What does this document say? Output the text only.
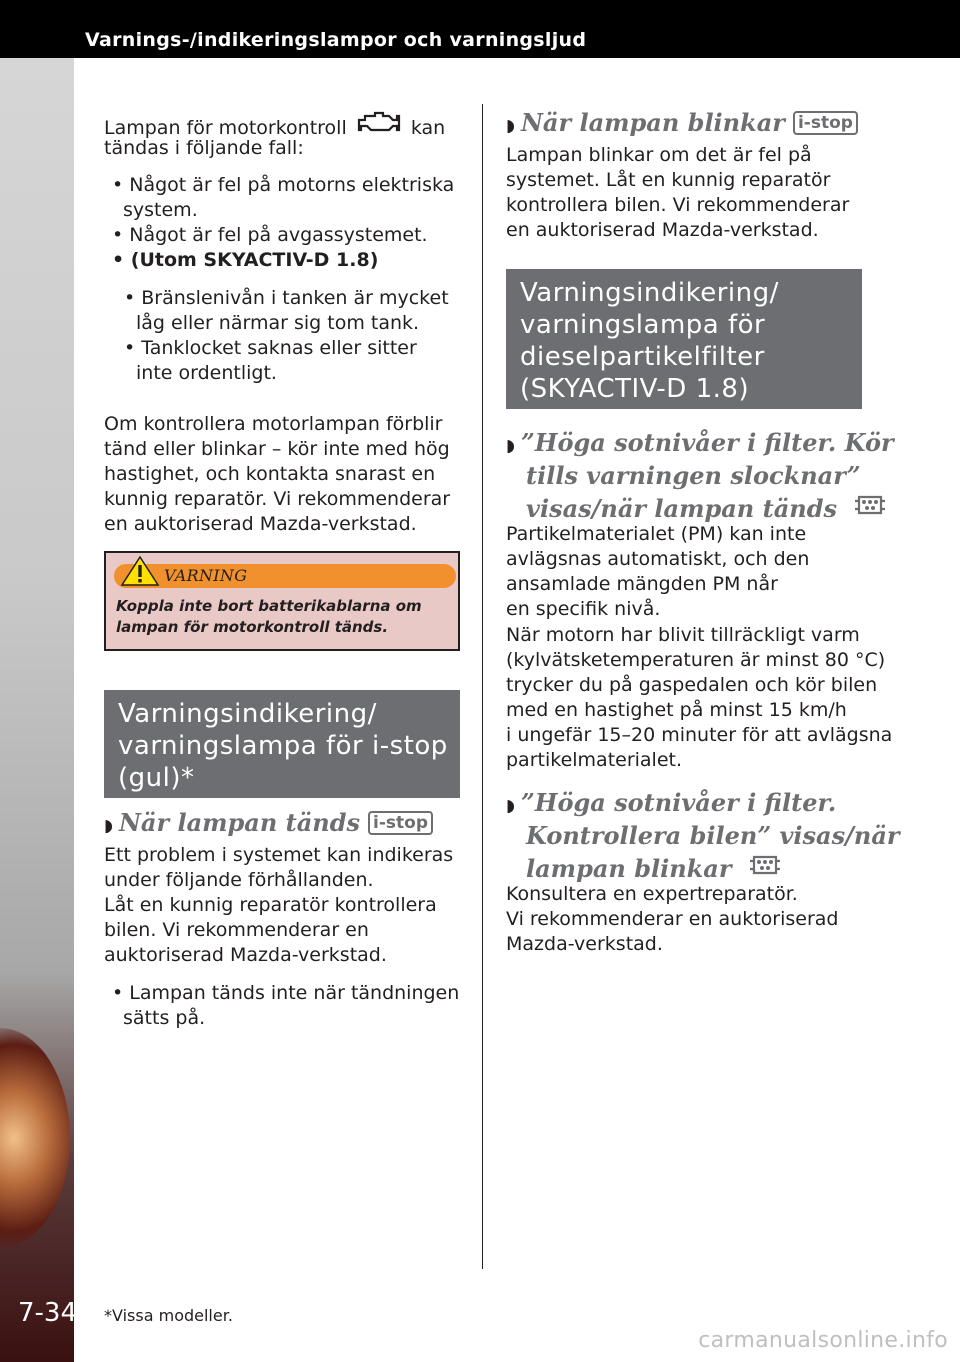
Varnings-/indikeringslampor och varningsljud
7-34 *Vissa modeller.
Lampan för motorkontroll	kan
tändas i följande fall:
• Något är fel på motorns elektriska
system.
• Något är fel på avgassystemet.
• (Utom SKYACTIV-D 1.8)
• Bränslenivån i tanken är mycket
låg eller närmar sig tom tank.
• Tanklocket saknas eller sitter
inte ordentligt.
Om kontrollera motorlampan förblir
tänd eller blinkar – kör inte med hög
hastighet, och kontakta snarast en
kunnig reparatör. Vi rekommenderar
en auktoriserad Mazda-verkstad.
VARNING
Koppla inte bort batterikablarna om
lampan för motorkontroll tänds.
Varningsindikering/
varningslampa för i-stop
(gul)*
◗ När lampan tänds i-stop
Ett problem i systemet kan indikeras
under följande förhållanden.
Låt en kunnig reparatör kontrollera
bilen. Vi rekommenderar en
auktoriserad Mazda-verkstad.
• Lampan tänds inte när tändningen
sätts på.
◗ När lampan blinkar i-stop
Lampan blinkar om det är fel på
systemet. Låt en kunnig reparatör
kontrollera bilen. Vi rekommenderar
en auktoriserad Mazda-verkstad.
Varningsindikering/
varningslampa för
dieselpartikelfilter
(SKYACTIV-D 1.8)
◗ ”Höga sotnivåer i filter. Kör
tills varningen slocknar”
visas/när lampan tänds
Partikelmaterialet (PM) kan inte
avlägsnas automatiskt, och den
ansamlade mängden PM når
en specifik nivå.
När motorn har blivit tillräckligt varm
(kylvätsketemperaturen är minst 80 °C)
trycker du på gaspedalen och kör bilen
med en hastighet på minst 15 km/h
i ungefär 15–20 minuter för att avlägsna
partikelmaterialet.
◗ ”Höga sotnivåer i filter.
Kontrollera bilen” visas/när
lampan blinkar
Konsultera en expertreparatör.
Vi rekommenderar en auktoriserad
Mazda-verkstad.
carmanualsonline.info
